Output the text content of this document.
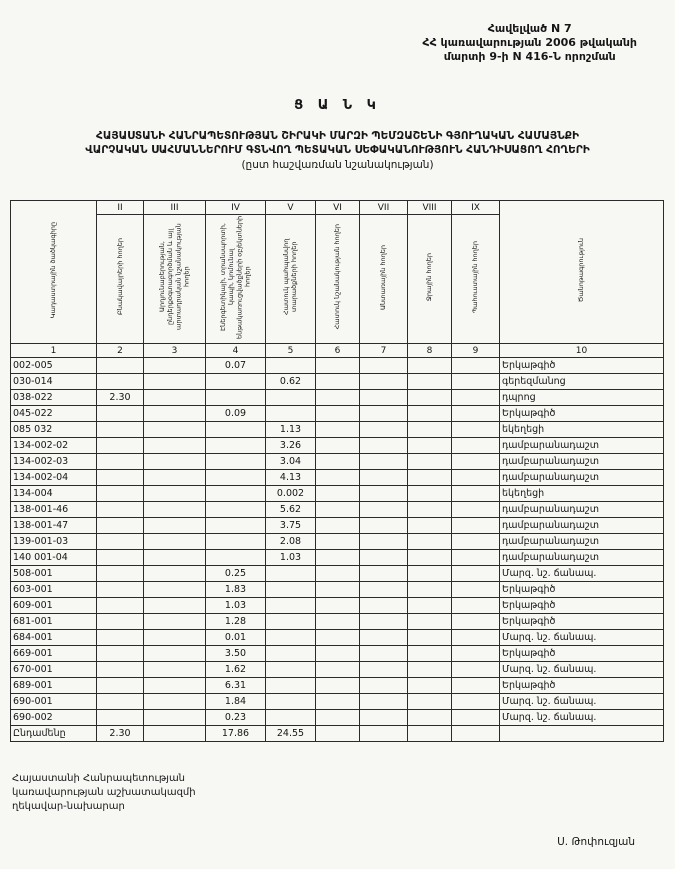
Հավելված N 7
ՀՀ կառավարության 2006 թվականի
մարտի 9-ի N 416-Ն որոշման
Ց Ա Ն Կ
ՀԱՅԱՍՏԱՆԻ ՀԱՆՐԱՊԵՏՈՒԹՅԱՆ ՇԻՐԱԿԻ ՄԱՐԶԻ ՊԵՄԶԱՇԵՆԻ ԳՅՈՒՂԱԿԱՆ ՀԱՄԱՅՆՔԻ
ՎԱՐՉԱԿԱՆ ՍԱՀՄԱՆՆԵՐՈՒՄ ԳՏՆՎՈՂ ՊԵՏԱԿԱՆ ՍԵՓԱԿԱՆՈՒԹՅՈՒՆ ՀԱՆԴԻՍԱՑՈՂ ՀՈՂԵՐԻ
(ըստ հաշվառման նշանակության)
Կադաստրային ծածկագիրը	II	III	IV	V	VI	VII	VIII	IX	Ծանոթագրություն
	Բնակավայրերի հողեր	Արդյունաբերության, ընդերքօգտագործման և այլ արտադրական նշանակության հողեր	Էներգետիկայի, տրանսպորտի, կապի, կոմունալ ենթակառուցվածքների օբյեկտների հողեր	Հատուկ պահպանվող տարածքների հողեր	Հատուկ նշանակության հողեր	Անտառային հողեր	Ջրային հողեր	Պահուստային հողեր	
1	2	3	4	5	6	7	8	9	10
002-005			0.07						Երկաթգիծ
030-014				0.62					գերեզմանոց
038-022	2.30								դպրոց
045-022			0.09						Երկաթգիծ
085 032				1.13					եկեղեցի
134-002-02				3.26					դամբարանադաշտ
134-002-03				3.04					դամբարանադաշտ
134-002-04				4.13					դամբարանադաշտ
134-004				0.002					եկեղեցի
138-001-46				5.62					դամբարանադաշտ
138-001-47				3.75					դամբարանադաշտ
139-001-03				2.08					դամբարանադաշտ
140 001-04				1.03					դամբարանադաշտ
508-001			0.25						Մարզ. նշ. ճանապ.
603-001			1.83						Երկաթգիծ
609-001			1.03						Երկաթգիծ
681-001			1.28						Երկաթգիծ
684-001			0.01						Մարզ. նշ. ճանապ.
669-001			3.50						Երկաթգիծ
670-001			1.62						Մարզ. նշ. ճանապ.
689-001			6.31						Երկաթգիծ
690-001			1.84						Մարզ. նշ. ճանապ.
690-002			0.23						Մարզ. նշ. ճանապ.
Ընդամենը	2.30		17.86	24.55					
Հայաստանի Հանրապետության
կառավարության աշխատակազմի
ղեկավար-նախարար
Ս. Թոփուզյան
